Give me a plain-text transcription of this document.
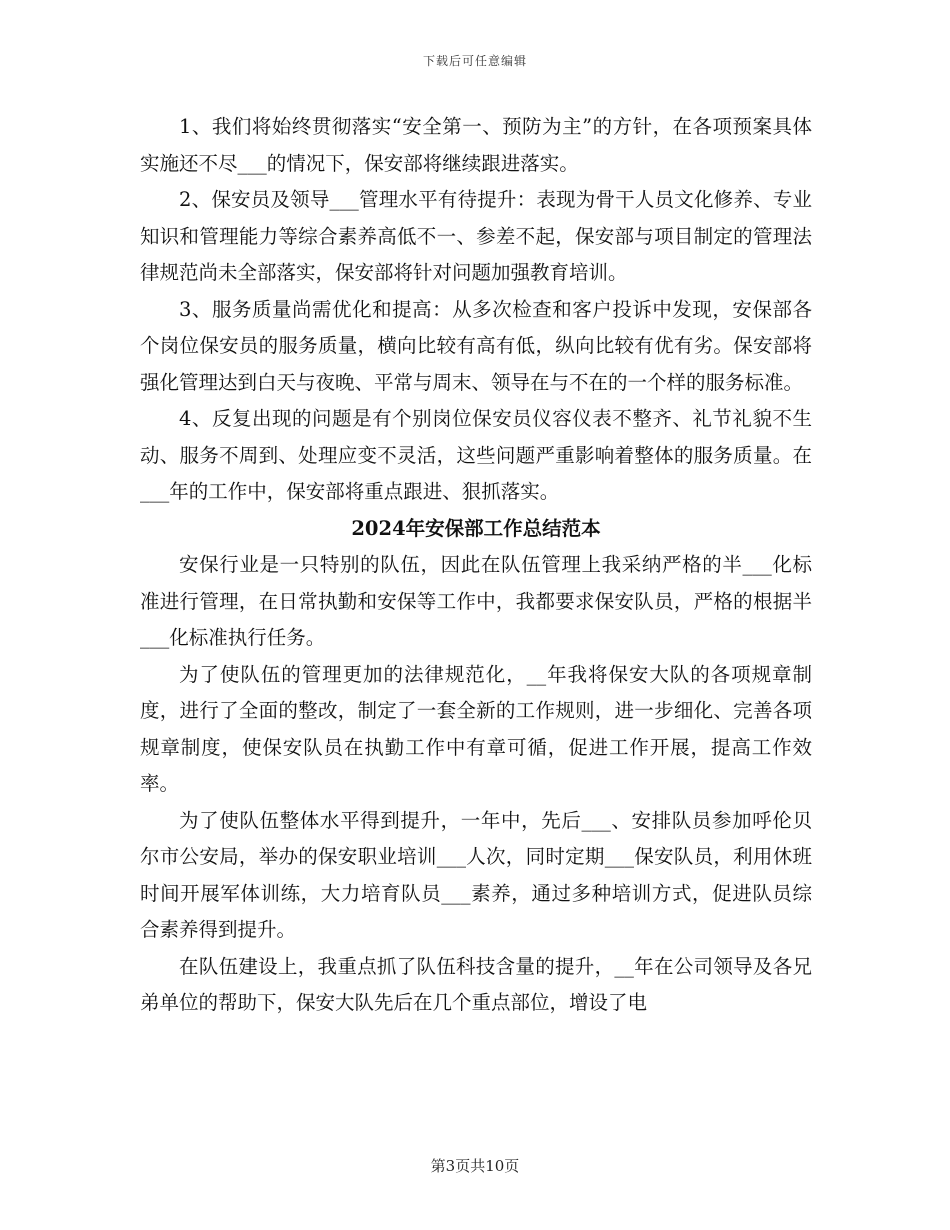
下载后可任意编辑

1、我们将始终贯彻落实“安全第一、预防为主”的方针，在各项预案具体实施还不尽___的情况下，保安部将继续跟进落实。

2、保安员及领导___管理水平有待提升：表现为骨干人员文化修养、专业知识和管理能力等综合素养高低不一、参差不起，保安部与项目制定的管理法律规范尚未全部落实，保安部将针对问题加强教育培训。

3、服务质量尚需优化和提高：从多次检查和客户投诉中发现，安保部各个岗位保安员的服务质量，横向比较有高有低，纵向比较有优有劣。保安部将强化管理达到白天与夜晚、平常与周末、领导在与不在的一个样的服务标准。

4、反复出现的问题是有个别岗位保安员仪容仪表不整齐、礼节礼貌不生动、服务不周到、处理应变不灵活，这些问题严重影响着整体的服务质量。在___年的工作中，保安部将重点跟进、狠抓落实。

2024年安保部工作总结范本

安保行业是一只特别的队伍，因此在队伍管理上我采纳严格的半___化标准进行管理，在日常执勤和安保等工作中，我都要求保安队员，严格的根据半___化标准执行任务。

为了使队伍的管理更加的法律规范化，__年我将保安大队的各项规章制度，进行了全面的整改，制定了一套全新的工作规则，进一步细化、完善各项规章制度，使保安队员在执勤工作中有章可循，促进工作开展，提高工作效率。

为了使队伍整体水平得到提升，一年中，先后___、安排队员参加呼伦贝尔市公安局，举办的保安职业培训___人次，同时定期___保安队员，利用休班时间开展军体训练，大力培育队员___素养，通过多种培训方式，促进队员综合素养得到提升。

在队伍建设上，我重点抓了队伍科技含量的提升，__年在公司领导及各兄弟单位的帮助下，保安大队先后在几个重点部位，增设了电

第3页共10页
